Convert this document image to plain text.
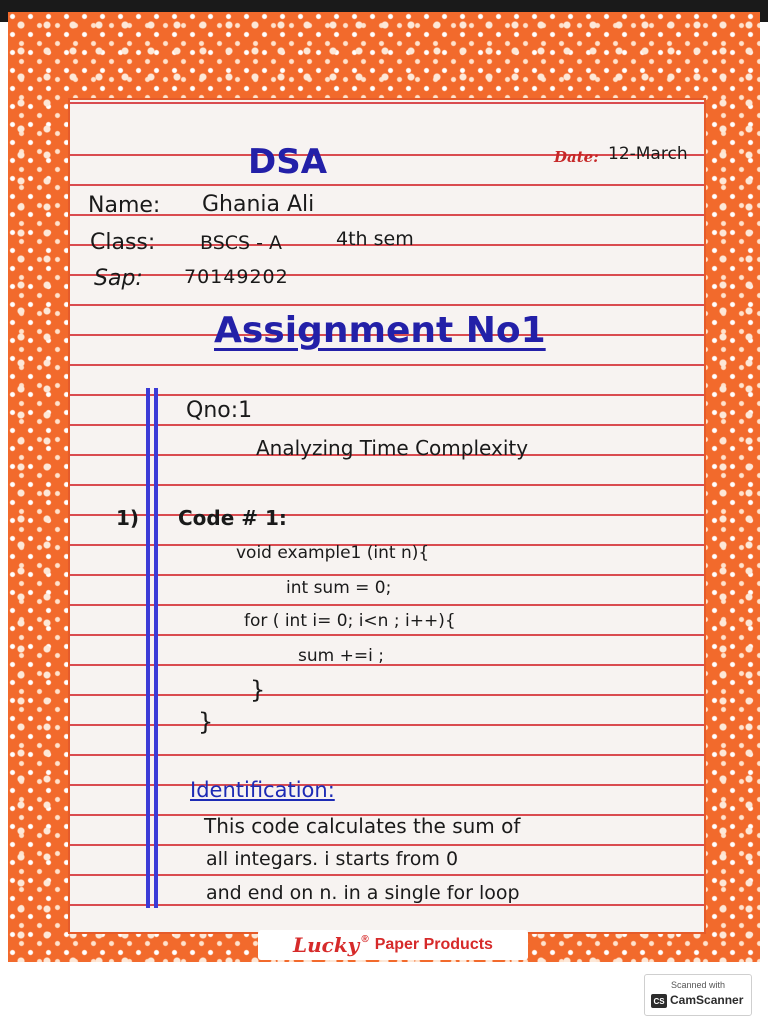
DSA	Date: 12-March
Name: Ghania Ali
Class: BSCS - A	4th sem
Sap: 70149202
Assignment No1
Qno:1
Analyzing Time Complexity
1) Code # 1:
void example1 (int n){
int sum = 0;
for ( int i= 0; i<n ; i++){
sum +=i ;
}
}
Identification:
This code calculates the sum of
all integars. i starts from 0
and end on n. in a single for loop
Lucky ® Paper Products
Scanned with
CS CamScanner
